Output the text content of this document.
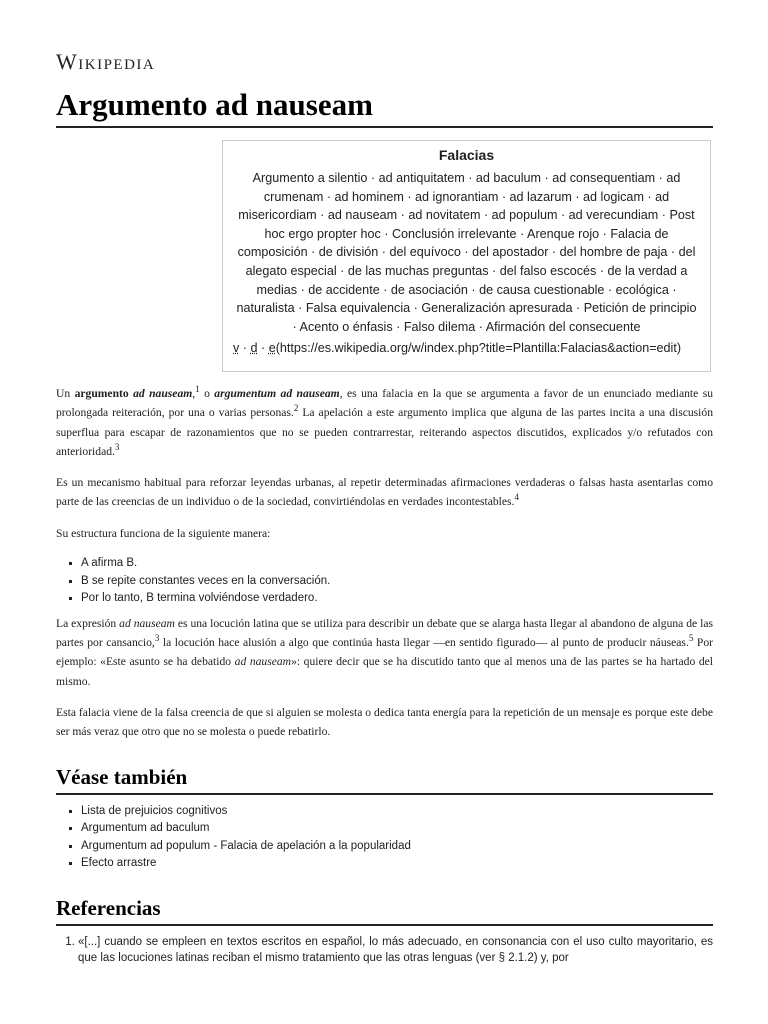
Wikipedia
Argumento ad nauseam
Falacias
Argumento a silentio · ad antiquitatem · ad baculum · ad consequentiam · ad crumenam · ad hominem · ad ignorantiam · ad lazarum · ad logicam · ad misericordiam · ad nauseam · ad novitatem · ad populum · ad verecundiam · Post hoc ergo propter hoc · Conclusión irrelevante · Arenque rojo · Falacia de composición · de división · del equívoco · del apostador · del hombre de paja · del alegato especial · de las muchas preguntas · del falso escocés · de la verdad a medias · de accidente · de asociación · de causa cuestionable · ecológica · naturalista · Falsa equivalencia · Generalización apresurada · Petición de principio · Acento o énfasis · Falso dilema · Afirmación del consecuente
v · d · e(https://es.wikipedia.org/w/index.php?title=Plantilla:Falacias&action=edit)

Un argumento ad nauseam,$^1$ o argumentum ad nauseam, es una falacia en la que se argumenta a favor de un enunciado mediante su prolongada reiteración, por una o varias personas.$^2$ La apelación a este argumento implica que alguna de las partes incita a una discusión superflua para escapar de razonamientos que no se pueden contrarrestar, reiterando aspectos discutidos, explicados y/o refutados con anterioridad.$^3$

Es un mecanismo habitual para reforzar leyendas urbanas, al repetir determinadas afirmaciones verdaderas o falsas hasta asentarlas como parte de las creencias de un individuo o de la sociedad, convirtiéndolas en verdades incontestables.$^4$

Su estructura funciona de la siguiente manera:

▪ A afirma B.
▪ B se repite constantes veces en la conversación.
▪ Por lo tanto, B termina volviéndose verdadero.

La expresión ad nauseam es una locución latina que se utiliza para describir un debate que se alarga hasta llegar al abandono de alguna de las partes por cansancio,$^3$ la locución hace alusión a algo que continúa hasta llegar —en sentido figurado— al punto de producir náuseas.$^5$ Por ejemplo: «Este asunto se ha debatido ad nauseam»: quiere decir que se ha discutido tanto que al menos una de las partes se ha hartado del mismo.

Esta falacia viene de la falsa creencia de que si alguien se molesta o dedica tanta energía para la repetición de un mensaje es porque este debe ser más veraz que otro que no se molesta o puede rebatirlo.

Véase también
▪ Lista de prejuicios cognitivos
▪ Argumentum ad baculum
▪ Argumentum ad populum - Falacia de apelación a la popularidad
▪ Efecto arrastre
Referencias
1. «[...] cuando se empleen en textos escritos en español, lo más adecuado, en consonancia con el uso culto mayoritario, es que las locuciones latinas reciban el mismo tratamiento que las otras lenguas (ver § 2.1.2) y, por
